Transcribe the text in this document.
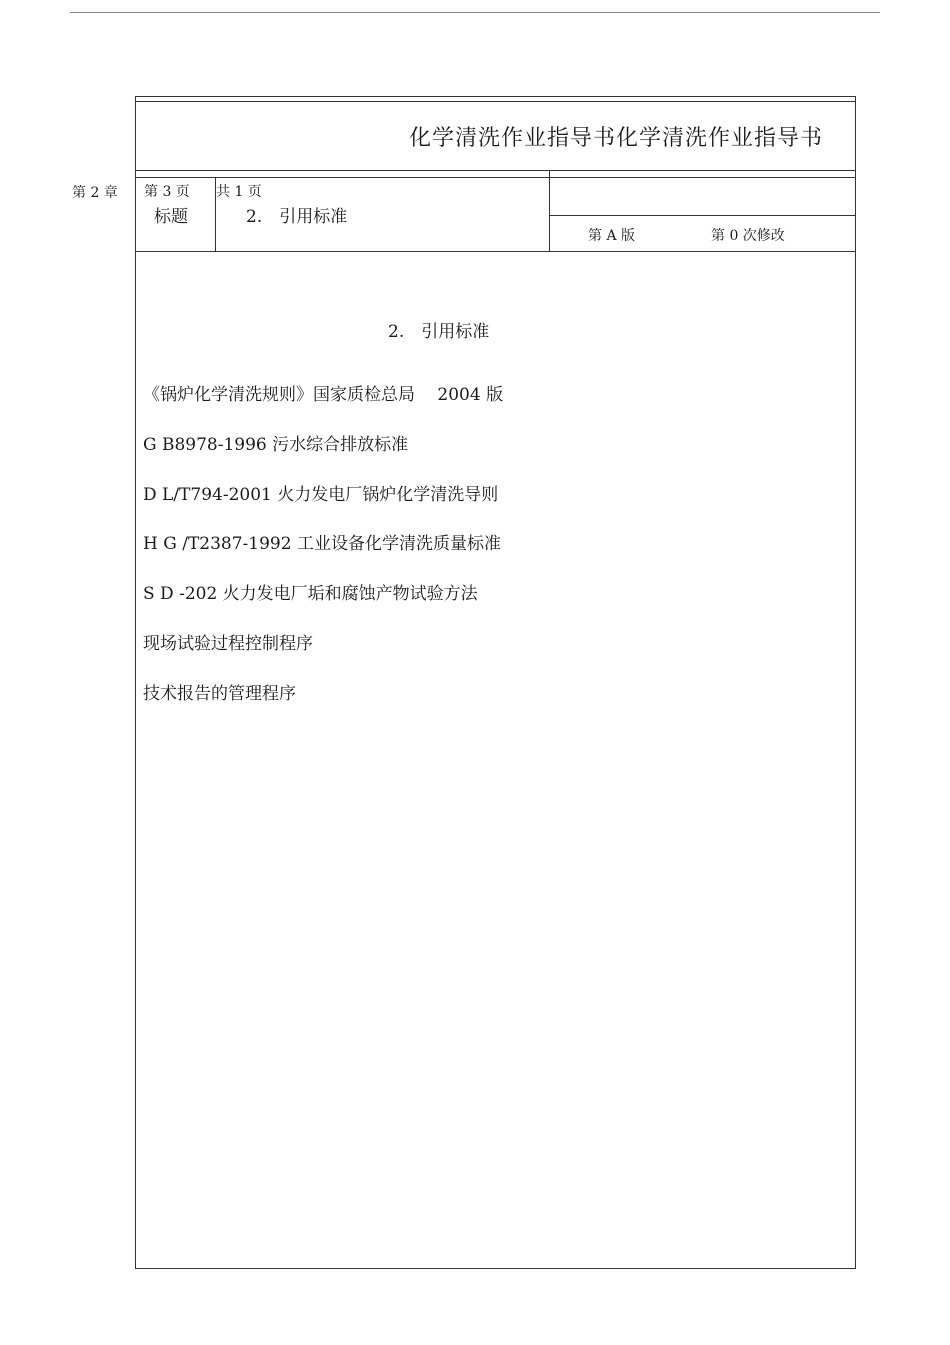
第 2 章
化学清洗作业指导书化学清洗作业指导书
第 3 页 共 1 页
标题	2.　引用标准
第 A 版	第 0 次修改
2.　引用标准
《锅炉化学清洗规则》国家质检总局　 2004 版
G B8978-1996 污水综合排放标准
D L/T794-2001 火力发电厂锅炉化学清洗导则
H G /T2387-1992 工业设备化学清洗质量标准
S D -202 火力发电厂垢和腐蚀产物试验方法
现场试验过程控制程序
技术报告的管理程序
